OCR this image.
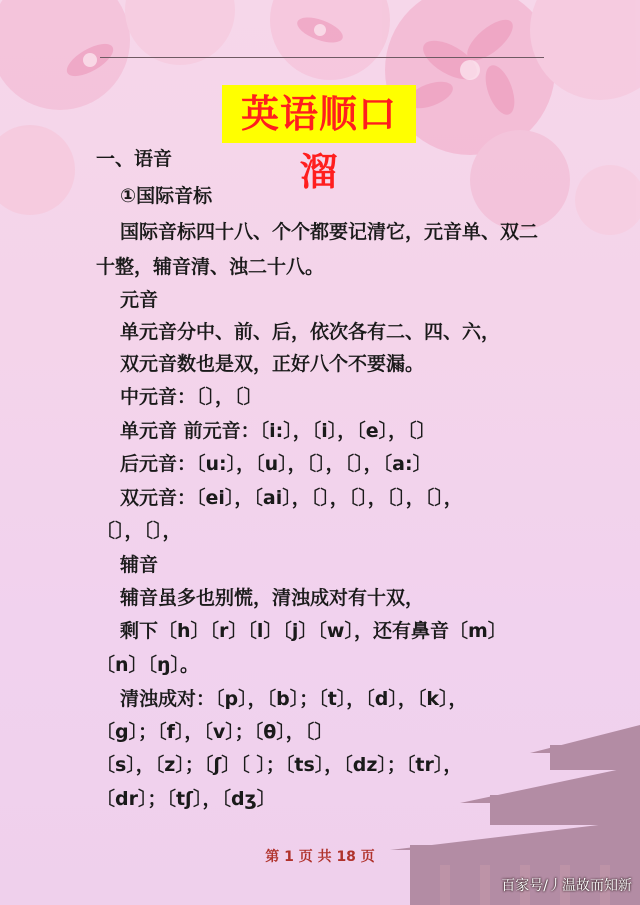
英语顺口溜
一、语音
①国际音标
国际音标四十八、个个都要记清它，元音单、双二
十整，辅音清、浊二十八。
元音
单元音分中、前、后，依次各有二、四、六，
双元音数也是双，正好八个不要漏。
中元音：〔〕，〔〕
单元音 前元音：〔i:〕，〔i〕，〔e〕，〔〕
后元音：〔u:〕，〔u〕，〔〕，〔〕，〔a:〕
双元音：〔ei〕，〔ai〕，〔〕，〔〕，〔〕，〔〕，
〔〕，〔〕，
辅音
辅音虽多也别慌，清浊成对有十双，
剩下〔h〕〔r〕〔l〕〔j〕〔w〕，还有鼻音〔m〕
〔n〕〔ŋ〕。
清浊成对：〔p〕，〔b〕；〔t〕，〔d〕，〔k〕，
〔g〕；〔f〕，〔v〕；〔θ〕，〔〕
〔s〕，〔z〕；〔ʃ〕〔 〕；〔ts〕，〔dz〕；〔tr〕，
〔dr〕；〔tʃ〕，〔dʒ〕
第 1 页 共 18 页
百家号/丿温故而知新
